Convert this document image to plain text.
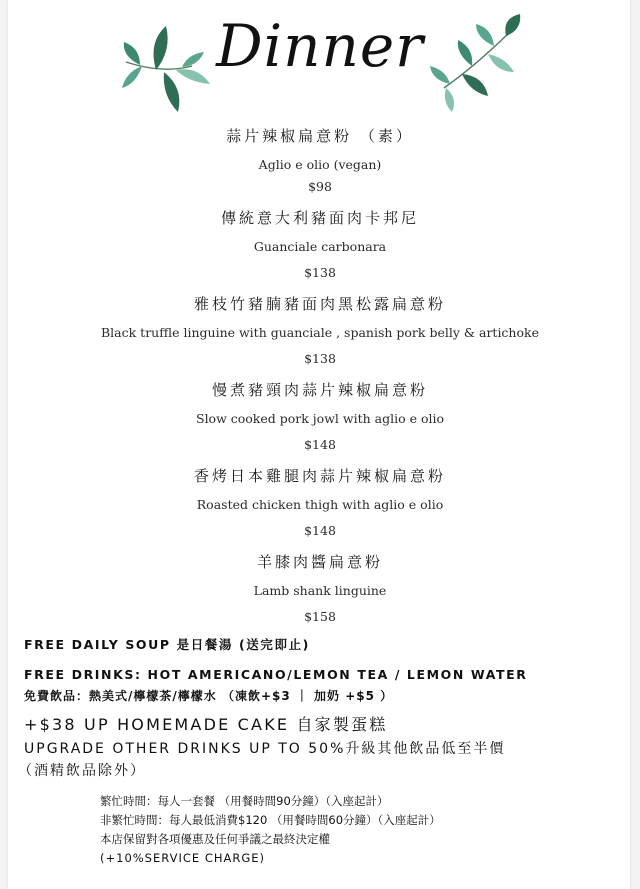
Dinner
蒜片辣椒扁意粉 （素）
Aglio e olio (vegan)
$98
傳統意大利豬面肉卡邦尼
Guanciale carbonara
$138
雅枝竹豬腩豬面肉黑松露扁意粉
Black truffle linguine with guanciale , spanish pork belly & artichoke
$138
慢煮豬頸肉蒜片辣椒扁意粉
Slow cooked pork jowl with aglio e olio
$148
香烤日本雞腿肉蒜片辣椒扁意粉
Roasted chicken thigh with aglio e olio
$148
羊膝肉醬扁意粉
Lamb shank linguine
$158
FREE DAILY SOUP 是日餐湯 (送完即止)
FREE DRINKS: HOT AMERICANO/LEMON TEA / LEMON WATER
免費飲品：熱美式/檸檬茶/檸檬水 （凍飲+$3 ｜ 加奶 +$5 ）
+$38 UP HOMEMADE CAKE 自家製蛋糕
UPGRADE OTHER DRINKS UP TO 50%升級其他飲品低至半價
（酒精飲品除外）
繁忙時間：每人一套餐 （用餐時間90分鐘）（入座起計）
非繁忙時間：每人最低消費$120 （用餐時間60分鐘）（入座起計）
本店保留對各項優惠及任何爭議之最終決定權
(+10%SERVICE CHARGE)
